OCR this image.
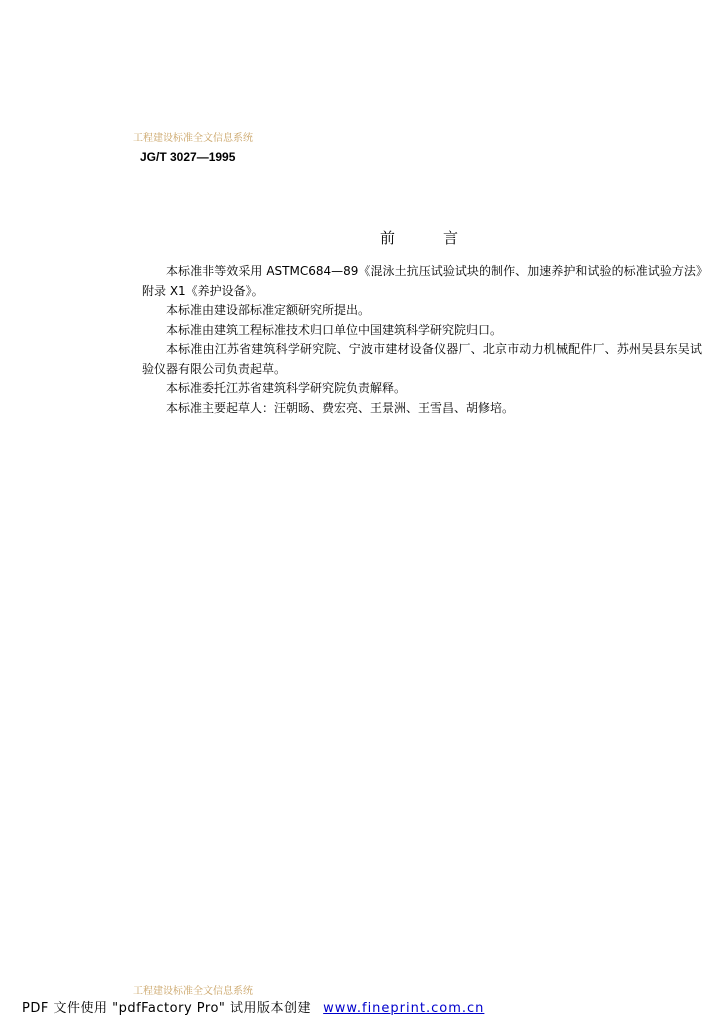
工程建设标准全文信息系统
JG/T 3027—1995
前言

本标准非等效采用 ASTMC684—89《混泳土抗压试验试块的制作、加速养护和试验的标准试验方法》附录 X1《养护设备》。

本标准由建设部标准定额研究所提出。

本标准由建筑工程标准技术归口单位中国建筑科学研究院归口。

本标准由江苏省建筑科学研究院、宁波市建材设备仪器厂、北京市动力机械配件厂、苏州吴县东吴试验仪器有限公司负责起草。

本标准委托江苏省建筑科学研究院负责解释。

本标准主要起草人：汪朝旸、费宏亮、王景洲、王雪昌、胡修培。

工程建设标准全文信息系统
PDF 文件使用 "pdfFactory Pro" 试用版本创建 www.fineprint.com.cn
